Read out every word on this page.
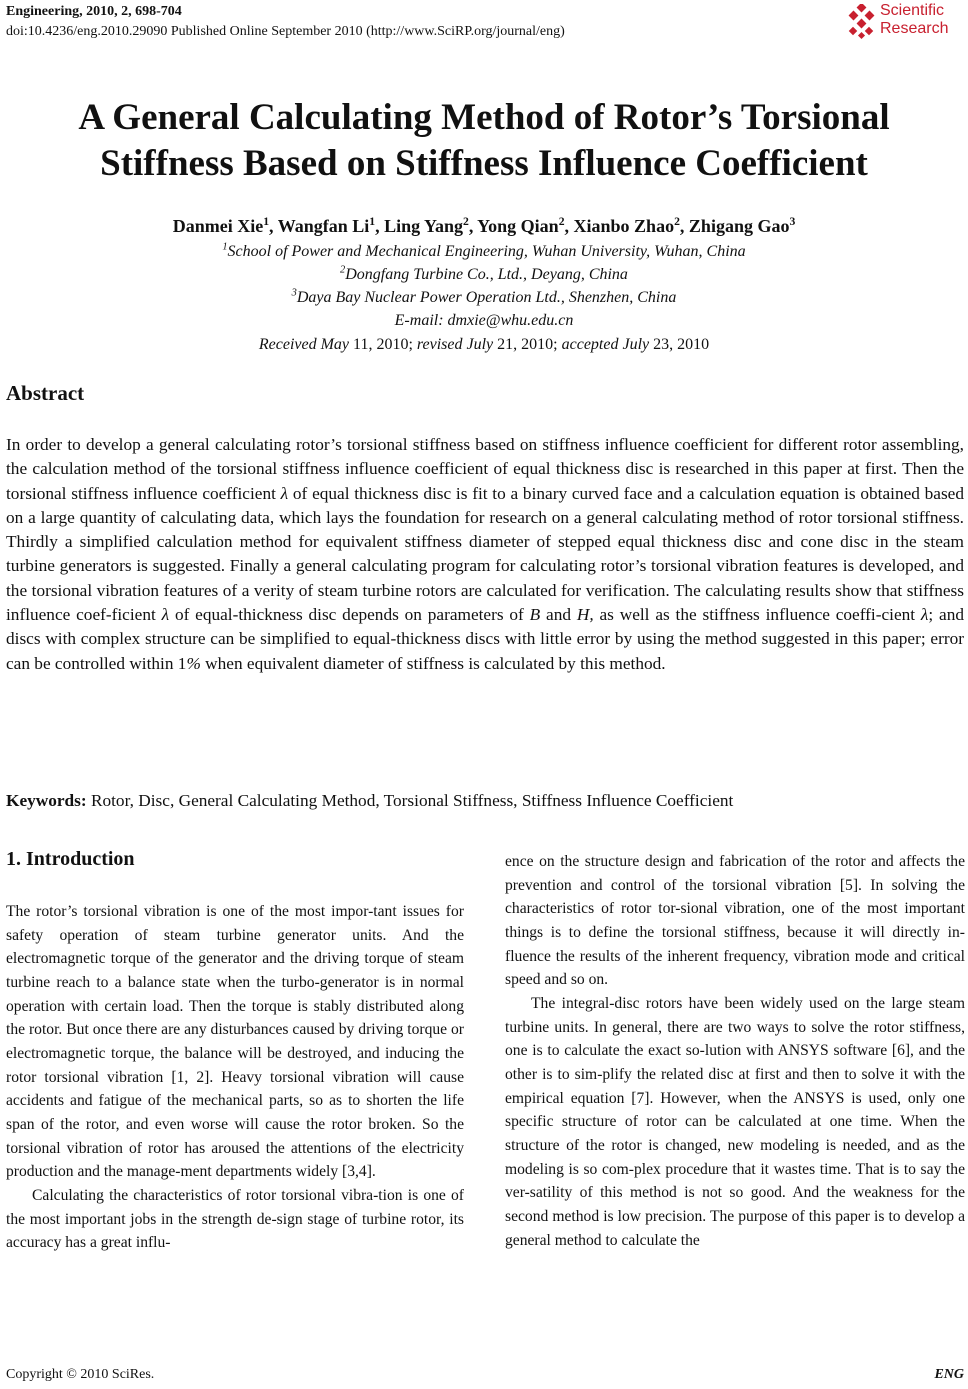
Engineering, 2010, 2, 698-704
doi:10.4236/eng.2010.29090 Published Online September 2010 (http://www.SciRP.org/journal/eng)
Scientific
Research
A General Calculating Method of Rotor’s Torsional
Stiffness Based on Stiffness Influence Coefficient
Danmei Xie$^1$, Wangfan Li$^1$, Ling Yang$^2$, Yong Qian$^2$, Xianbo Zhao$^2$, Zhigang Gao$^3$
$^1$School of Power and Mechanical Engineering, Wuhan University, Wuhan, China
$^2$Dongfang Turbine Co., Ltd., Deyang, China
$^3$Daya Bay Nuclear Power Operation Ltd., Shenzhen, China
E-mail: dmxie@whu.edu.cn
Received May 11, 2010; revised July 21, 2010; accepted July 23, 2010
Abstract
In order to develop a general calculating rotor’s torsional stiffness based on stiffness influence coefficient for different rotor assembling, the calculation method of the torsional stiffness influence coefficient of equal thickness disc is researched in this paper at first. Then the torsional stiffness influence coefficient λ of equal thickness disc is fit to a binary curved face and a calculation equation is obtained based on a large quantity of calculating data, which lays the foundation for research on a general calculating method of rotor torsional stiffness. Thirdly a simplified calculation method for equivalent stiffness diameter of stepped equal thickness disc and cone disc in the steam turbine generators is suggested. Finally a general calculating program for calculating rotor’s torsional vibration features is developed, and the torsional vibration features of a verity of steam turbine rotors are calculated for verification. The calculating results show that stiffness influence coef-ficient λ of equal-thickness disc depends on parameters of B and H, as well as the stiffness influence coeffi-cient λ; and discs with complex structure can be simplified to equal-thickness discs with little error by using the method suggested in this paper; error can be controlled within 1% when equivalent diameter of stiffness is calculated by this method.
Keywords: Rotor, Disc, General Calculating Method, Torsional Stiffness, Stiffness Influence Coefficient
1. Introduction

The rotor’s torsional vibration is one of the most impor-tant issues for safety operation of steam turbine generator units. And the electromagnetic torque of the generator and the driving torque of steam turbine reach to a balance state when the turbo-generator is in normal operation with certain load. Then the torque is stably distributed along the rotor. But once there are any disturbances caused by driving torque or electromagnetic torque, the balance will be destroyed, and inducing the rotor torsional vibration [1, 2]. Heavy torsional vibration will cause accidents and fatigue of the mechanical parts, so as to shorten the life span of the rotor, and even worse will cause the rotor broken. So the torsional vibration of rotor has aroused the attentions of the electricity production and the manage-ment departments widely [3,4].

Calculating the characteristics of rotor torsional vibra-tion is one of the most important jobs in the strength de-sign stage of turbine rotor, its accuracy has a great influ-

ence on the structure design and fabrication of the rotor and affects the prevention and control of the torsional vibration [5]. In solving the characteristics of rotor tor-sional vibration, one of the most important things is to define the torsional stiffness, because it will directly in-fluence the results of the inherent frequency, vibration mode and critical speed and so on.

The integral-disc rotors have been widely used on the large steam turbine units. In general, there are two ways to solve the rotor stiffness, one is to calculate the exact so-lution with ANSYS software [6], and the other is to sim-plify the related disc at first and then to solve it with the empirical equation [7]. However, when the ANSYS is used, only one specific structure of rotor can be calculated at one time. When the structure of the rotor is changed, new modeling is needed, and as the modeling is so com-plex procedure that it wastes time. That is to say the ver-satility of this method is not so good. And the weakness for the second method is low precision. The purpose of this paper is to develop a general method to calculate the

Copyright © 2010 SciRes.	ENG
